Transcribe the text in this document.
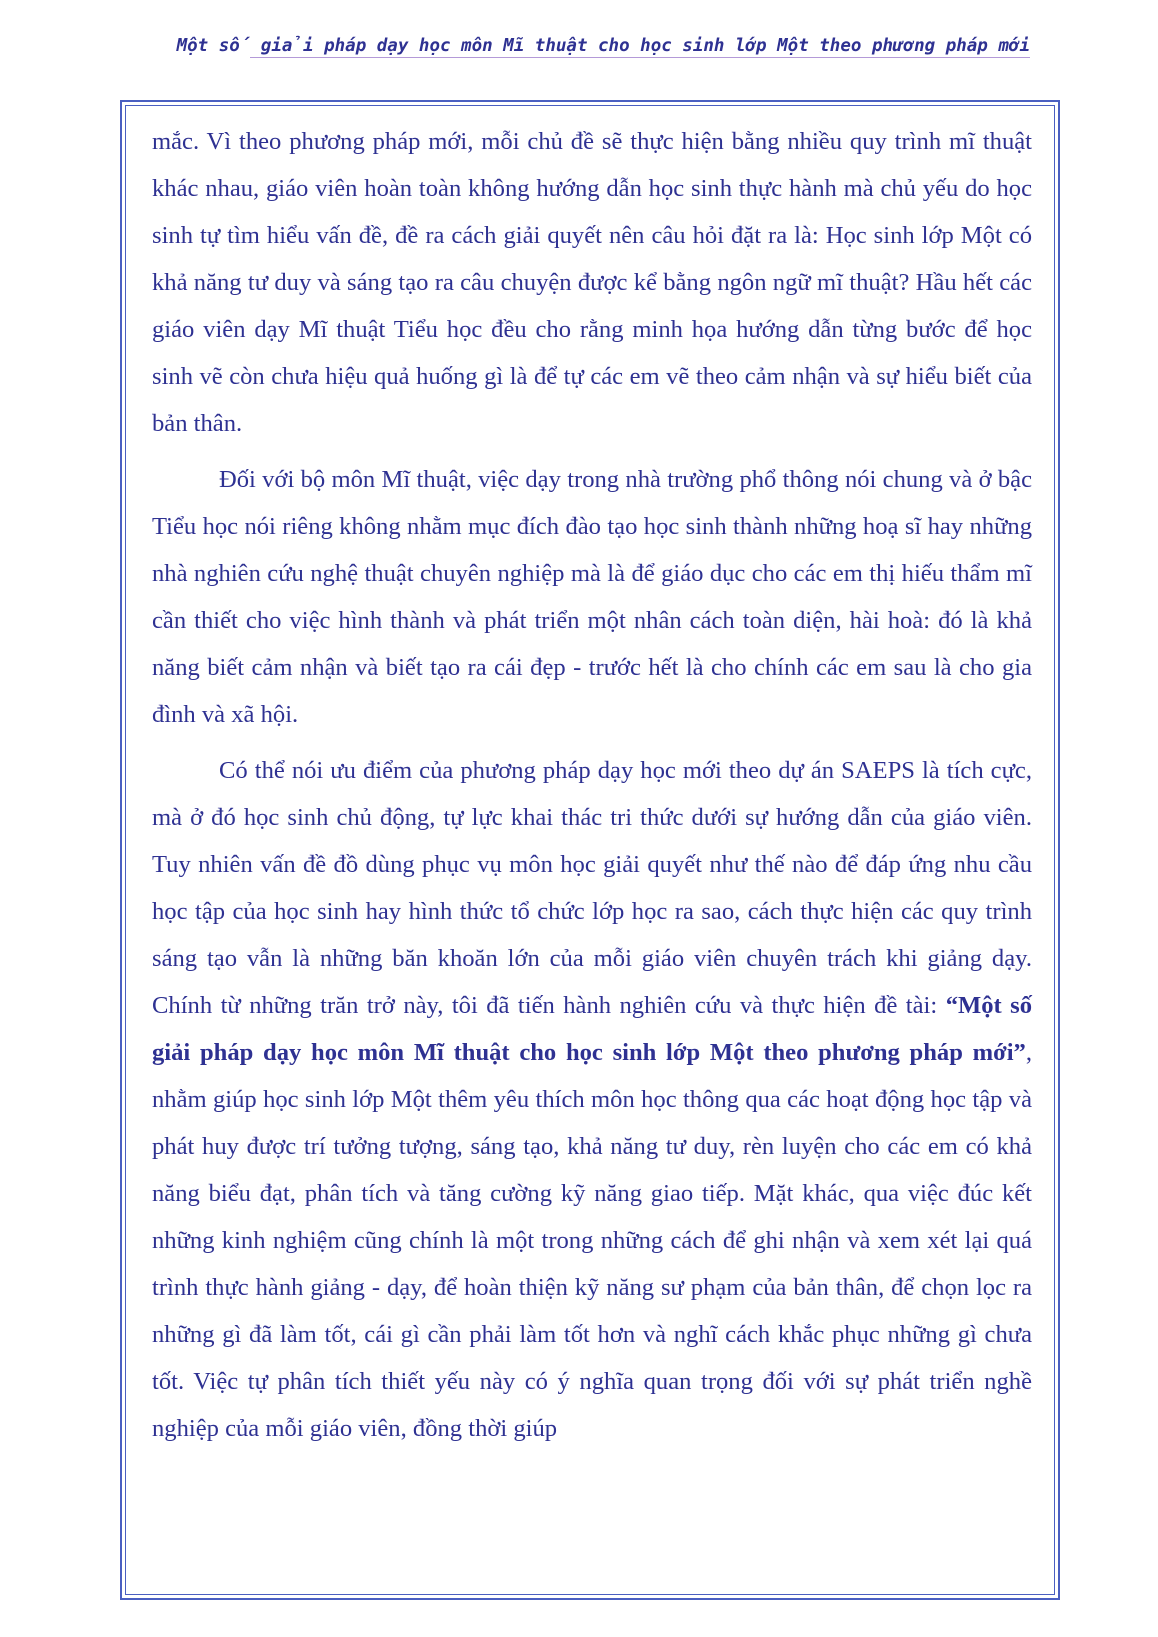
Một số giải pháp dạy học môn Mĩ thuật cho học sinh lớp Một theo phương pháp mới

mắc. Vì theo phương pháp mới, mỗi chủ đề sẽ thực hiện bằng nhiều quy trình mĩ thuật khác nhau, giáo viên hoàn toàn không hướng dẫn học sinh thực hành mà chủ yếu do học sinh tự tìm hiểu vấn đề, đề ra cách giải quyết nên câu hỏi đặt ra là: Học sinh lớp Một có khả năng tư duy và sáng tạo ra câu chuyện được kể bằng ngôn ngữ mĩ thuật? Hầu hết các giáo viên dạy Mĩ thuật Tiểu học đều cho rằng minh họa hướng dẫn từng bước để học sinh vẽ còn chưa hiệu quả huống gì là để tự các em vẽ theo cảm nhận và sự hiểu biết của bản thân.

Đối với bộ môn Mĩ thuật, việc dạy trong nhà trường phổ thông nói chung và ở bậc Tiểu học nói riêng không nhằm mục đích đào tạo học sinh thành những hoạ sĩ hay những nhà nghiên cứu nghệ thuật chuyên nghiệp mà là để giáo dục cho các em thị hiếu thẩm mĩ cần thiết cho việc hình thành và phát triển một nhân cách toàn diện, hài hoà: đó là khả năng biết cảm nhận và biết tạo ra cái đẹp - trước hết là cho chính các em sau là cho gia đình và xã hội.

Có thể nói ưu điểm của phương pháp dạy học mới theo dự án SAEPS là tích cực, mà ở đó học sinh chủ động, tự lực khai thác tri thức dưới sự hướng dẫn của giáo viên. Tuy nhiên vấn đề đồ dùng phục vụ môn học giải quyết như thế nào để đáp ứng nhu cầu học tập của học sinh hay hình thức tổ chức lớp học ra sao, cách thực hiện các quy trình sáng tạo vẫn là những băn khoăn lớn của mỗi giáo viên chuyên trách khi giảng dạy. Chính từ những trăn trở này, tôi đã tiến hành nghiên cứu và thực hiện đề tài: “Một số giải pháp dạy học môn Mĩ thuật cho học sinh lớp Một theo phương pháp mới”, nhằm giúp học sinh lớp Một thêm yêu thích môn học thông qua các hoạt động học tập và phát huy được trí tưởng tượng, sáng tạo, khả năng tư duy, rèn luyện cho các em có khả năng biểu đạt, phân tích và tăng cường kỹ năng giao tiếp. Mặt khác, qua việc đúc kết những kinh nghiệm cũng chính là một trong những cách để ghi nhận và xem xét lại quá trình thực hành giảng - dạy, để hoàn thiện kỹ năng sư phạm của bản thân, để chọn lọc ra những gì đã làm tốt, cái gì cần phải làm tốt hơn và nghĩ cách khắc phục những gì chưa tốt. Việc tự phân tích thiết yếu này có ý nghĩa quan trọng đối với sự phát triển nghề nghiệp của mỗi giáo viên, đồng thời giúp
